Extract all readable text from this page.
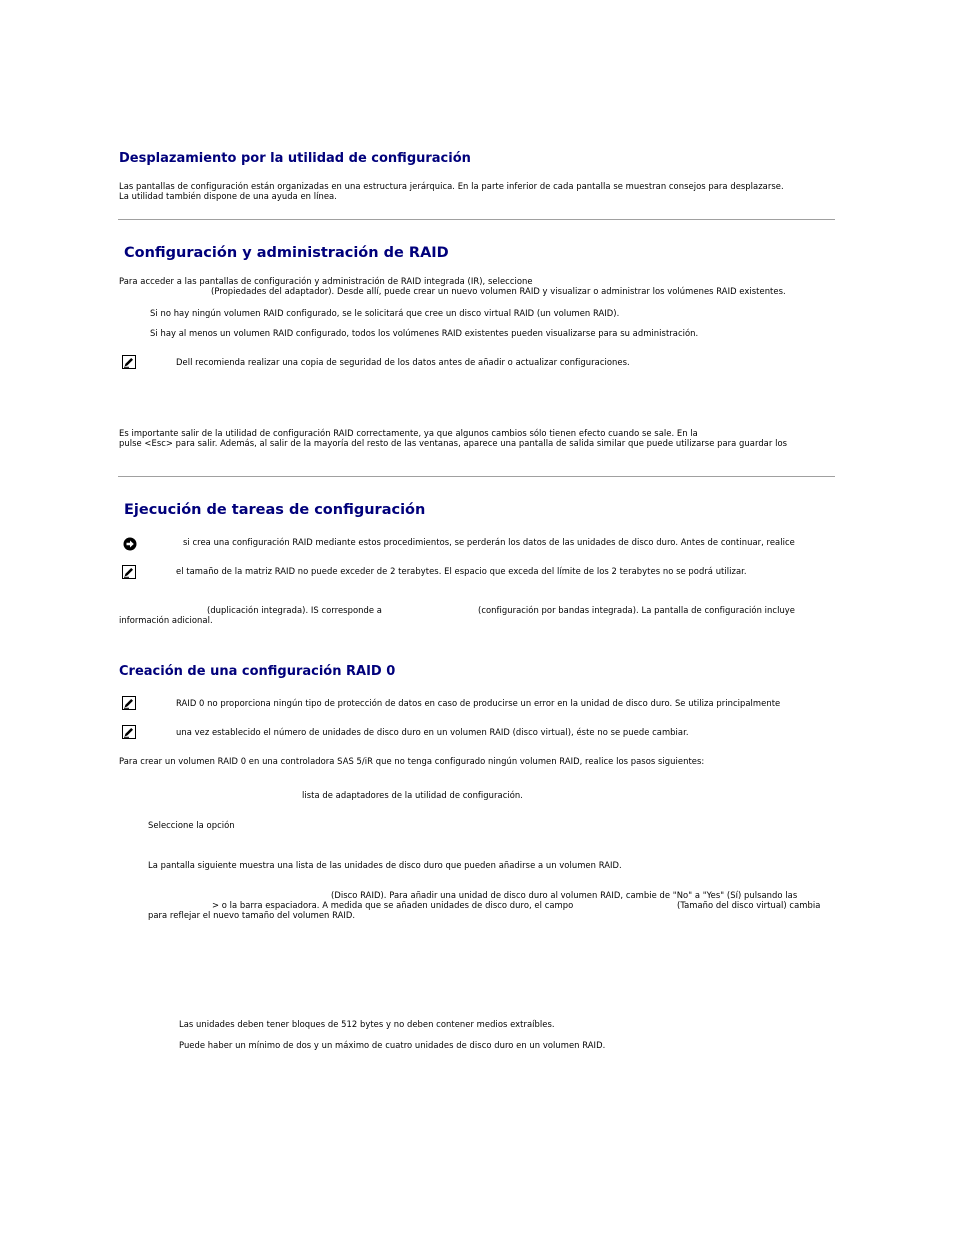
Desplazamiento por la utilidad de configuración
Las pantallas de configuración están organizadas en una estructura jerárquica. En la parte inferior de cada pantalla se muestran consejos para desplazarse.
La utilidad también dispone de una ayuda en línea.
Configuración y administración de RAID
Para acceder a las pantallas de configuración y administración de RAID integrada (IR), seleccione
(Propiedades del adaptador). Desde allí, puede crear un nuevo volumen RAID y visualizar o administrar los volúmenes RAID existentes.
Si no hay ningún volumen RAID configurado, se le solicitará que cree un disco virtual RAID (un volumen RAID).
Si hay al menos un volumen RAID configurado, todos los volúmenes RAID existentes pueden visualizarse para su administración.
Dell recomienda realizar una copia de seguridad de los datos antes de añadir o actualizar configuraciones.
Es importante salir de la utilidad de configuración RAID correctamente, ya que algunos cambios sólo tienen efecto cuando se sale. En la
pulse <Esc> para salir. Además, al salir de la mayoría del resto de las ventanas, aparece una pantalla de salida similar que puede utilizarse para guardar los
Ejecución de tareas de configuración
si crea una configuración RAID mediante estos procedimientos, se perderán los datos de las unidades de disco duro. Antes de continuar, realice
el tamaño de la matriz RAID no puede exceder de 2 terabytes. El espacio que exceda del límite de los 2 terabytes no se podrá utilizar.
(duplicación integrada). IS corresponde a	(configuración por bandas integrada). La pantalla de configuración incluye
información adicional.
Creación de una configuración RAID 0
RAID 0 no proporciona ningún tipo de protección de datos en caso de producirse un error en la unidad de disco duro. Se utiliza principalmente
una vez establecido el número de unidades de disco duro en un volumen RAID (disco virtual), éste no se puede cambiar.
Para crear un volumen RAID 0 en una controladora SAS 5/iR que no tenga configurado ningún volumen RAID, realice los pasos siguientes:
lista de adaptadores de la utilidad de configuración.
Seleccione la opción
La pantalla siguiente muestra una lista de las unidades de disco duro que pueden añadirse a un volumen RAID.
(Disco RAID). Para añadir una unidad de disco duro al volumen RAID, cambie de "No" a "Yes" (Sí) pulsando las
> o la barra espaciadora. A medida que se añaden unidades de disco duro, el campo	(Tamaño del disco virtual) cambia
para reflejar el nuevo tamaño del volumen RAID.
Las unidades deben tener bloques de 512 bytes y no deben contener medios extraíbles.
Puede haber un mínimo de dos y un máximo de cuatro unidades de disco duro en un volumen RAID.
